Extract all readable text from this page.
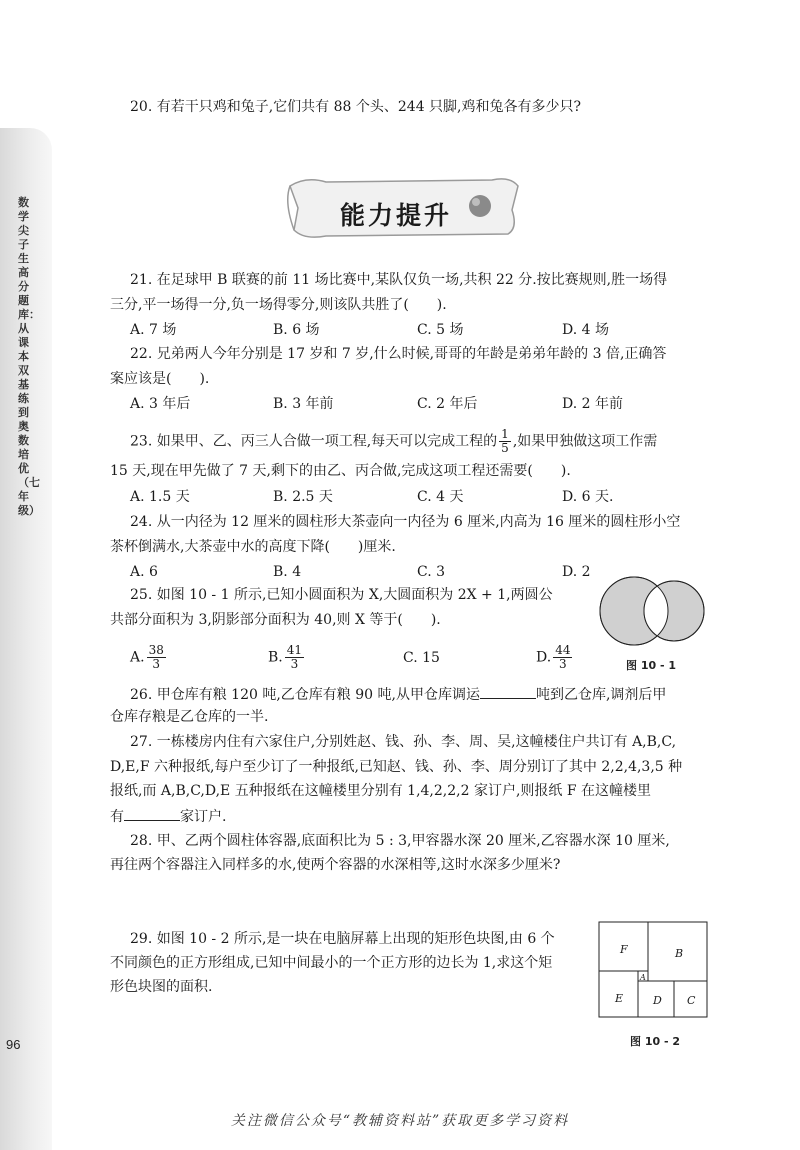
数学尖子生高分题库：从课本双基练到奥数培优（七年级）
96
20. 有若干只鸡和兔子,它们共有 88 个头、244 只脚,鸡和兔各有多少只?
能力提升
21. 在足球甲 B 联赛的前 11 场比赛中,某队仅负一场,共积 22 分.按比赛规则,胜一场得
三分,平一场得一分,负一场得零分,则该队共胜了(　　).
A. 7 场	B. 6 场	C. 5 场	D. 4 场
22. 兄弟两人今年分别是 17 岁和 7 岁,什么时候,哥哥的年龄是弟弟年龄的 3 倍,正确答
案应该是(　　).
A. 3 年后	B. 3 年前	C. 2 年后	D. 2 年前
23. 如果甲、乙、丙三人合做一项工程,每天可以完成工程的 $\frac{1}{5}$ ,如果甲独做这项工作需
15 天,现在甲先做了 7 天,剩下的由乙、丙合做,完成这项工程还需要(　　).
A. 1.5 天	B. 2.5 天	C. 4 天	D. 6 天.
24. 从一内径为 12 厘米的圆柱形大茶壶向一内径为 6 厘米,内高为 16 厘米的圆柱形小空
茶杯倒满水,大茶壶中水的高度下降(　　)厘米.
A. 6	B. 4	C. 3	D. 2
25. 如图 10 - 1 所示,已知小圆面积为 X,大圆面积为 2X + 1,两圆公
共部分面积为 3,阴影部分面积为 40,则 X 等于(　　).
A. $\frac{38}{3}$	B. $\frac{41}{3}$	C. 15	D. $\frac{44}{3}$	图 10 - 1
26. 甲仓库有粮 120 吨,乙仓库有粮 90 吨,从甲仓库调运	吨到乙仓库,调剂后甲
仓库存粮是乙仓库的一半.
27. 一栋楼房内住有六家住户,分别姓赵、钱、孙、李、周、吴,这幢楼住户共订有 A,B,C,
D,E,F 六种报纸,每户至少订了一种报纸,已知赵、钱、孙、李、周分别订了其中 2,2,4,3,5 种
报纸,而 A,B,C,D,E 五种报纸在这幢楼里分别有 1,4,2,2,2 家订户,则报纸 F 在这幢楼里
有	家订户.
28. 甲、乙两个圆柱体容器,底面积比为 5 : 3,甲容器水深 20 厘米,乙容器水深 10 厘米,
再往两个容器注入同样多的水,使两个容器的水深相等,这时水深多少厘米?
29. 如图 10 - 2 所示,是一块在电脑屏幕上出现的矩形色块图,由 6 个
不同颜色的正方形组成,已知中间最小的一个正方形的边长为 1,求这个矩
形色块图的面积.
F	B
A
E	D C
图 10 - 2
关注微信公众号“教辅资料站”获取更多学习资料
